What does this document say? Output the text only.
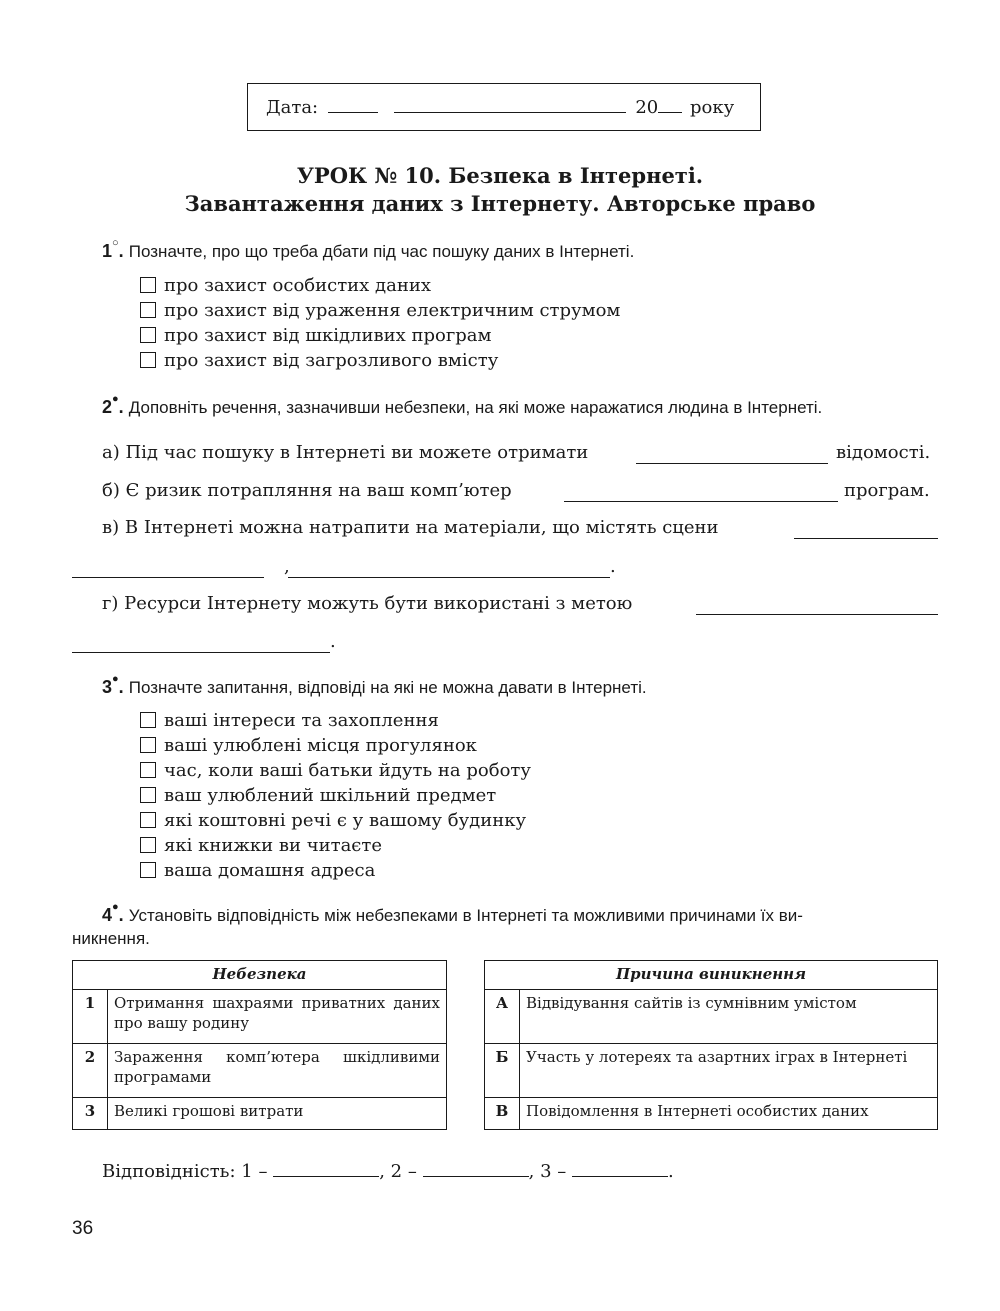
Дата:	20 року
УРОК № 10. Безпека в Інтернеті.
Завантаження даних з Інтернету. Авторське право
1○. Позначте, про що треба дбати під час пошуку даних в Інтернеті.
про захист особистих даних
про захист від ураження електричним струмом
про захист від шкідливих програм
про захист від загрозливого вмісту
2●. Доповніть речення, зазначивши небезпеки, на які може наражатися людина в Інтернеті.
а) Під час пошуку в Інтернеті ви можете отримати	відомості.
б) Є ризик потрапляння на ваш комп’ютер	програм.
в) В Інтернеті можна натрапити на матеріали, що містять сцени
,	.
г) Ресурси Інтернету можуть бути використані з метою
.
3●. Позначте запитання, відповіді на які не можна давати в Інтернеті.
ваші інтереси та захоплення
ваші улюблені місця прогулянок
час, коли ваші батьки йдуть на роботу
ваш улюблений шкільний предмет
які коштовні речі є у вашому будинку
які книжки ви читаєте
ваша домашня адреса
4●. Установіть відповідність між небезпеками в Інтернеті та можливими причинами їх ви-
никнення.
Небезпека	
1	Отримання шахраями приватних даних про вашу родину
2	Зараження комп’ютера шкідливими програмами
3	Великі грошові витрати
Причина виникнення	
А	Відвідування сайтів із сумнівним умістом
Б	Участь у лотереях та азартних іграх в Інтернеті
В	Повідомлення в Інтернеті особистих даних
Відповідність: 1 –	, 2 –	, 3 –	.
36
